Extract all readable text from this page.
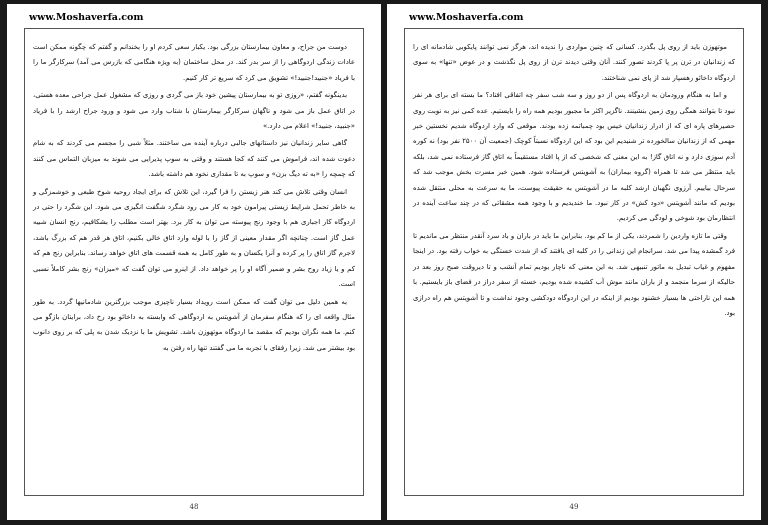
www.Moshaverfa.com

دوست من جراح، و معاون بیمارستان بزرگی بود. یکبار سعی کردم او را بخندانم و گفتم که چگونه ممکن است عادات زندگی اردوگاهی را از سر بدر کند. در محل ساختمان (به ویژه هنگامی که بازرس می آمد) سرکارگر ما را با فریاد «جنبید!جنبید!» تشویق می کرد که سریع تر کار کنیم.

بدینگونه گفتم، «روزی تو به بیمارستان پیشین خود باز می گردی و روزی که مشغول عمل جراحی معده هستی، در اتاق عمل باز می شود و ناگهان سرکارگر بیمارستان با شتاب وارد می شود و ورود جراح ارشد را با فریاد «جنبید، جنبید!» اعلام می دارد.»

گاهی سایر زندانیان نیز داستانهای جالبی درباره آینده می ساختند. مثلاً شبی را مجسم می کردند که به شام دعوت شده اند، فراموش می کنند که کجا هستند و وقتی به سوپ پذیرایی می شوند به میزبان التماس می کنند که چمچه را «به ته دیگ بزن» و سوپ به تا مقداری نخود هم داشته باشد.

انسان وقتی تلاش می کند هنر زیستن را فرا گیرد، این تلاش که برای ایجاد روحیه شوخ طبعی و خوشمزگی و به خاطر تحمل شرایط زیستی پیرامون خود به کار می رود شگرد شگفت انگیزی می شود. این شگرد را حتی در اردوگاه کار اجباری هم با وجود رنج پیوسته می توان به کار برد. بهتر است مطلب را بشکافیم، رنج انسان شبیه عمل گاز است. چنانچه اگر مقدار معینی از گاز را با لوله وارد اتاق خالی بکنیم، اتاق هر قدر هم که بزرگ باشد، لاجرم گاز اتاق را پر کرده و آنرا یکسان و به طور کامل به همه قسمت های اتاق خواهد رساند. بنابراین رنج هم که کم و یا زیاد روح بشر و ضمیر آگاه او را پر خواهد داد. از اینرو می توان گفت که «میزان» رنج بشر کاملاً نسبی است.

به همین دلیل می توان گفت که ممکن است رویداد بسیار ناچیزی موجب بزرگترین شادمانیها گردد. به طور مثال واقعه ای را که هنگام سفرمان از آشویتس به اردوگاهی که وابسته به داخائو بود رخ داد، برایتان بازگو می کنم. ما همه نگران بودیم که مقصد ما اردوگاه موتهوزن باشد. تشویش ما با نزدیک شدن به پلی که بر روی دانوب بود بیشتر می شد. زیرا رفقای با تجربه ما می گفتند تنها راه رفتن به

48
www.Moshaverfa.com

موتهوزن باید از روی پل بگذرد. کسانی که چنین مواردی را ندیده اند، هرگز نمی توانند پایکوبی شادمانه ای را که زندانیان در ترن پر پا کردند تصور کنند. آنان وقتی دیدند ترن از روی پل نگذشت و در عوض «تنها» به سوی اردوگاه داخائو رهسپار شد از پای نمی شناختند.

و اما به هنگام ورودمان به اردوگاه پس از دو روز و سه شب سفر چه اتفاقی افتاد؟ ما بسته ای برای هر نفر نبود تا بتوانند همگی روی زمین بنشینند. ناگزیر اکثر ما مجبور بودیم همه راه را بایستیم. عده کمی نیز به نوبت روی حصیرهای پاره ای که از ادرار زندانیان خیس بود چمباتمه زده بودند. موقعی که وارد اردوگاه شدیم نخستین خبر مهمی که از زندانیان سالخورده تر شنیدیم این بود که این اردوگاه نسبتاً کوچک (جمعیت آن ۲۵۰۰ نفر بود) نه کوره آدم سوزی دارد و نه اتاق گاز! به این معنی که شخصی که از پا افتاد مستقیماً به اتاق گاز فرستاده نمی شد، بلکه باید منتظر می شد تا همراه (گروه بیماران) به آشویتس فرستاده شود. همین خبر مسرت بخش موجب شد که سرحال بیاییم. آرزوی نگهبان ارشد کلبه ما در آشویتس به حقیقت پیوست، ما به سرعت به محلی منتقل شده بودیم که مانند آشویتس «دود کش» در کار نبود. ما خندیدیم و با وجود همه مشقاتی که در چند ساعت آینده در انتظارمان بود شوخی و لودگی می کردیم.

وقتی ما تازه واردین را شمردند، یکی از ما کم بود. بنابراین ما باید در باران و باد سرد آنقدر منتظر می ماندیم تا فرد گمشده پیدا می شد. سرانجام این زندانی را در کلبه ای یافتند که از شدت خستگی به خواب رفته بود. در اینجا مفهوم و غیاب تبدیل به ماتور تنبیهی شد. به این معنی که ناچار بودیم تمام آنشب و تا دیروقت صبح روز بعد در حالیکه از سرما منجمد و از باران مانند موش آب کشیده شده بودیم، خسته از سفر دراز در فضای باز بایستیم. با همه این ناراحتی ها بسیار خشنود بودیم از اینکه در این اردوگاه دودکشی وجود نداشت و تا آشویتس هم راه درازی بود.

49
